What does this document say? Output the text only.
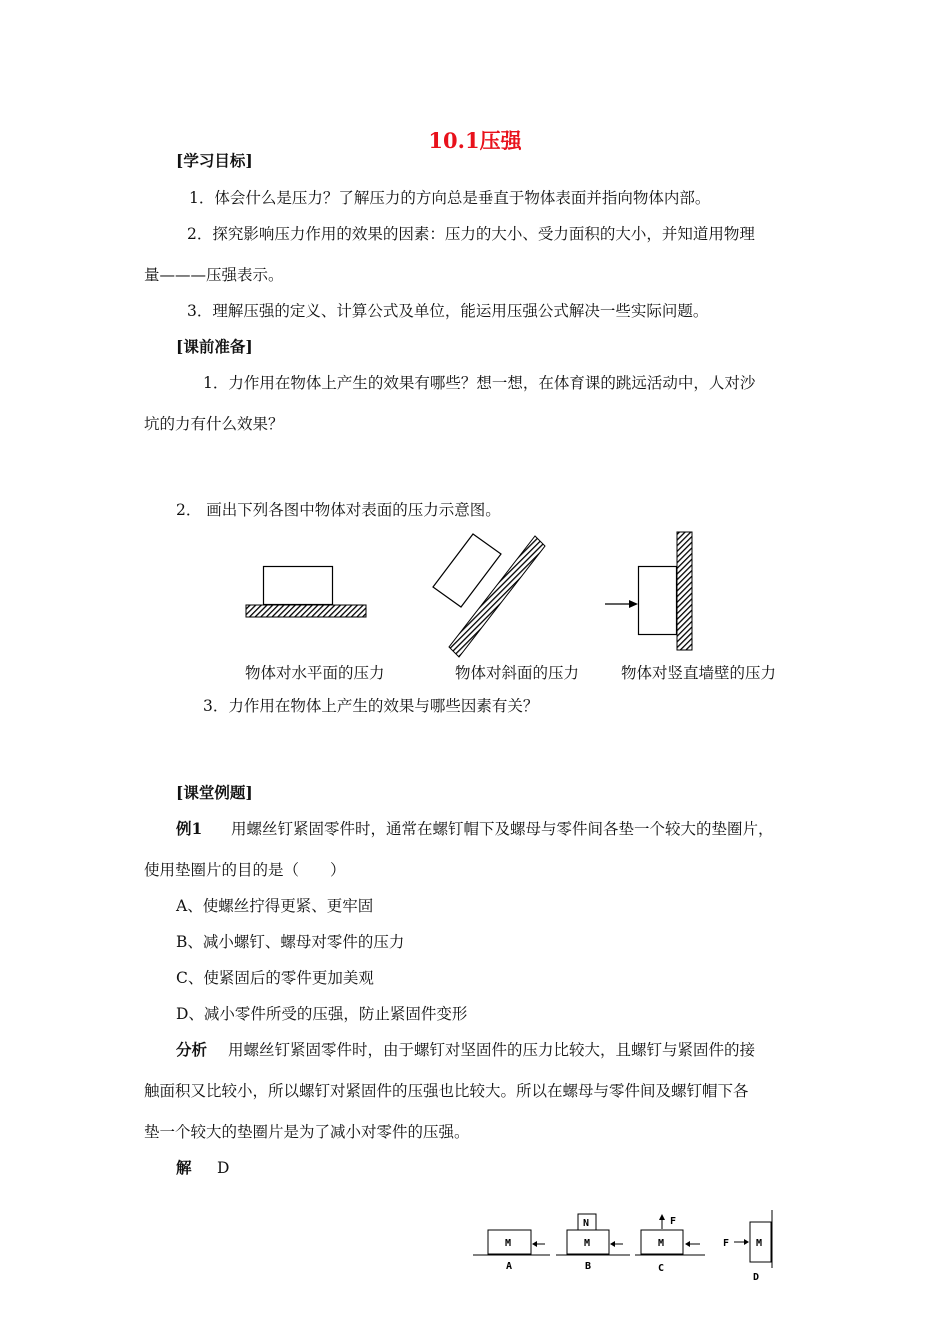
10.1压强
[学习目标]
1．体会什么是压力？了解压力的方向总是垂直于物体表面并指向物体内部。
2．探究影响压力作用的效果的因素：压力的大小、受力面积的大小，并知道用物理
量———压强表示。
3．理解压强的定义、计算公式及单位，能运用压强公式解决一些实际问题。
[课前准备]
1．力作用在物体上产生的效果有哪些？想一想，在体育课的跳远活动中，人对沙
坑的力有什么效果？
2． 画出下列各图中物体对表面的压力示意图。
物体对水平面的压力	物体对斜面的压力	物体对竖直墙壁的压力
3．力作用在物体上产生的效果与哪些因素有关？
[课堂例题]
例1 用螺丝钉紧固零件时，通常在螺钉帽下及螺母与零件间各垫一个较大的垫圈片，
使用垫圈片的目的是（　　）
A、使螺丝拧得更紧、更牢固
B、减小螺钉、螺母对零件的压力
C、使紧固后的零件更加美观
D、减小零件所受的压强，防止紧固件变形
分析 用螺丝钉紧固零件时，由于螺钉对坚固件的压力比较大，且螺钉与紧固件的接
触面积又比较小，所以螺钉对紧固件的压强也比较大。所以在螺母与零件间及螺钉帽下各
垫一个较大的垫圈片是为了减小对零件的压强。
解 D
M
A
N
M
B
F
M
C
F	M
D
